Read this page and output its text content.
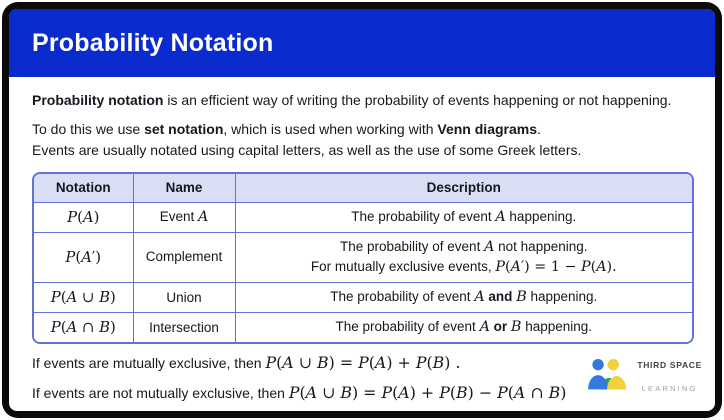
Probability Notation

Probability notation is an efficient way of writing the probability of events happening or not happening.

To do this we use set notation, which is used when working with Venn diagrams.
Events are usually notated using capital letters, as well as the use of some Greek letters.

Notation	Name	Description
P(A)	Event A	The probability of event A happening.
P(A′)	Complement	The probability of event A not happening.
For mutually exclusive events, P(A′) = 1 − P(A).
P(A ∪ B)	Union	The probability of event A and B happening.
P(A ∩ B)	Intersection	The probability of event A or B happening.

If events are mutually exclusive, then P(A ∪ B) = P(A) + P(B) .

If events are not mutually exclusive, then P(A ∪ B) = P(A) + P(B) − P(A ∩ B)

THIRD SPACE
LEARNING
